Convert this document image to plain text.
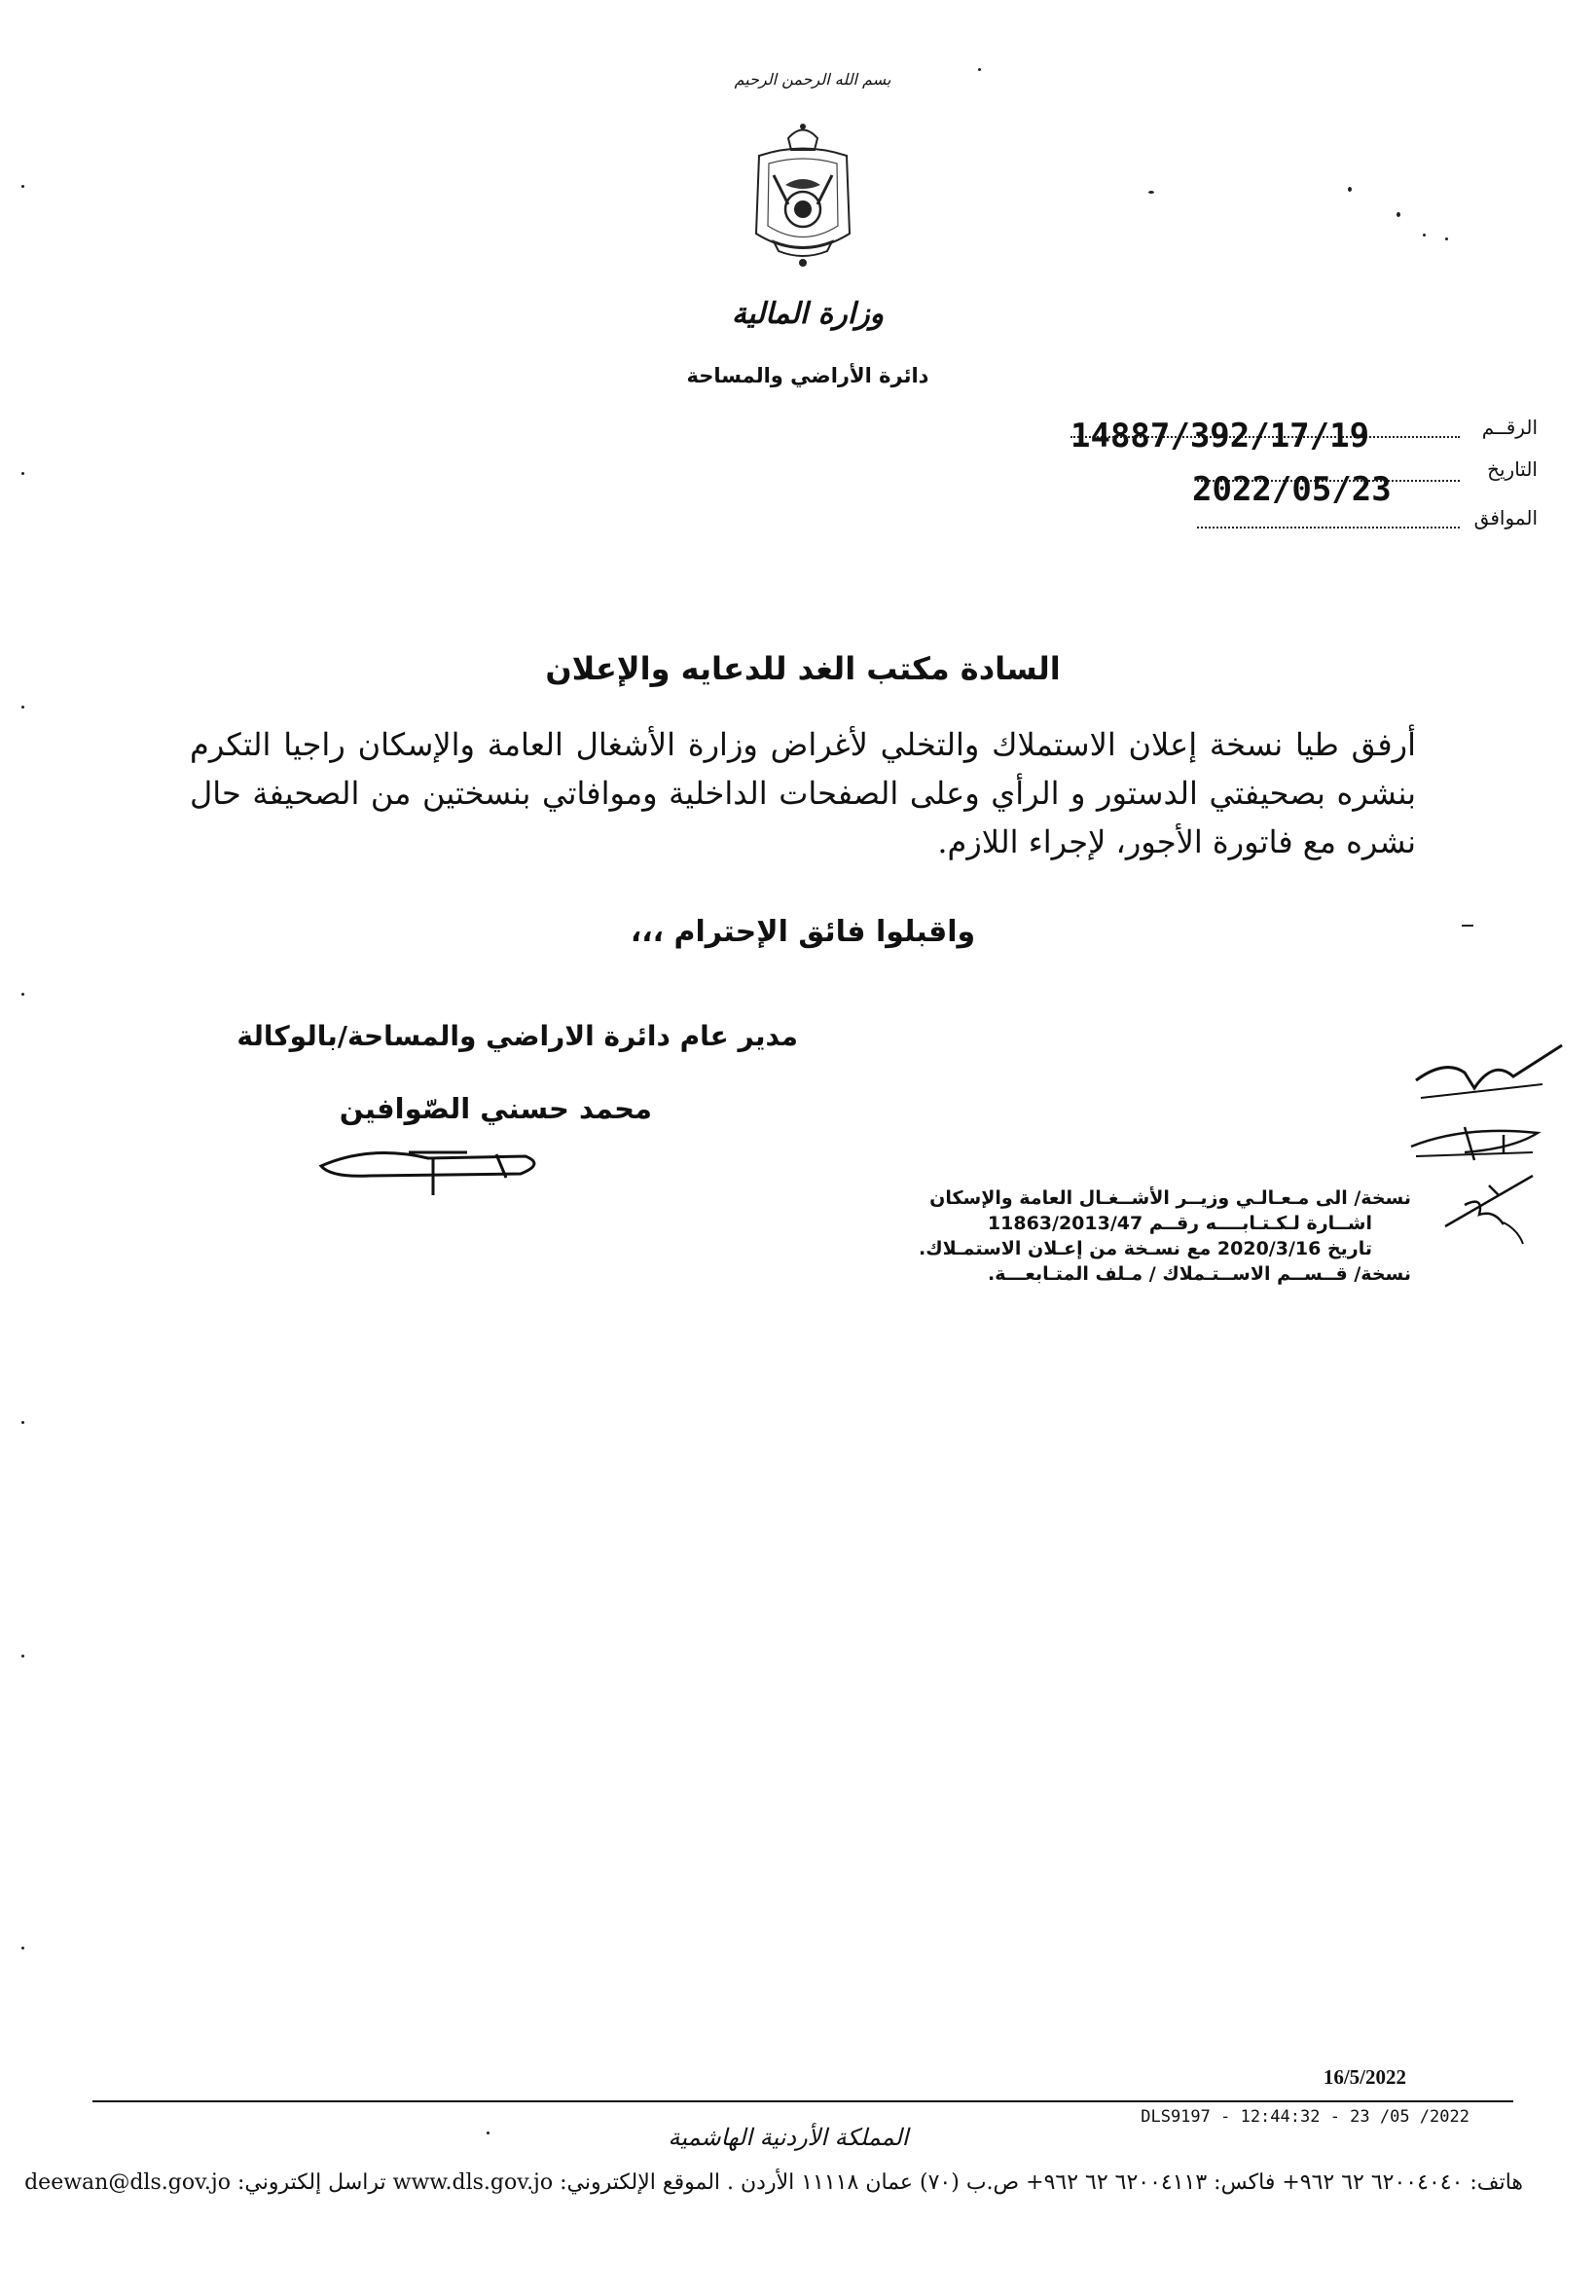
بسم الله الرحمن الرحيم
وزارة المالية
دائرة الأراضي والمساحة
الرقــم
14887/392/17/19
التاريخ
2022/05/23
الموافق
السادة مكتب الغد للدعايه والإعلان
أرفق طيا نسخة إعلان الاستملاك والتخلي لأغراض وزارة الأشغال العامة والإسكان راجيا التكرم بنشره بصحيفتي الدستور و الرأي وعلى الصفحات الداخلية وموافاتي بنسختين من الصحيفة حال نشره مع فاتورة الأجور، لإجراء اللازم.
واقبلوا فائق الإحترام ،،،
مدير عام دائرة الاراضي والمساحة/بالوكالة
محمد حسني الصّوافين
نسخة/ الى مـعـالـي وزيــر الأشــغـال العامة والإسكان
اشــارة لـكـتـابــــه رقــم 11863/2013/47
تاريخ 2020/3/16 مع نسـخة من إعـلان الاستمـلاك.
نسخة/ قــســم الاســتـملاك / مـلف المتـابعـــة.
16/5/2022
DLS9197 - 12:44:32 - 23 /05 /2022
المملكة الأردنية الهاشمية
هاتف: ٦٢٠٠٤٠٤٠ ٦٢ ٩٦٢+ فاكس: ٦٢٠٠٤١١٣ ٦٢ ٩٦٢+ ص.ب (٧٠) عمان ١١١١٨ الأردن . الموقع الإلكتروني: www.dls.gov.jo تراسل إلكتروني: deewan@dls.gov.jo
